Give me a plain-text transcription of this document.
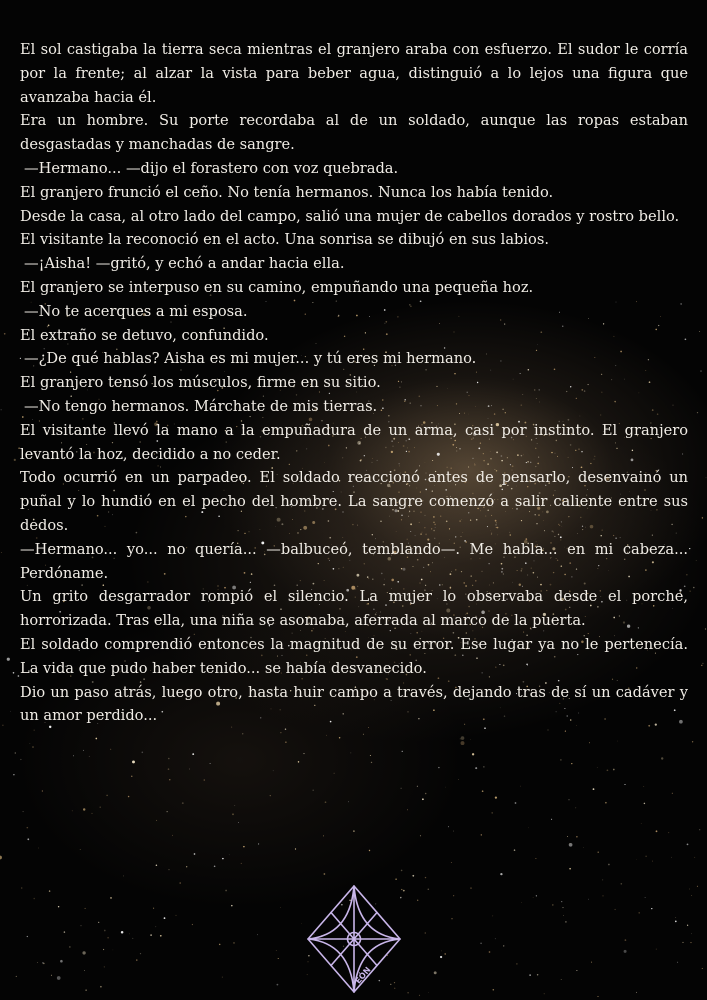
El sol castigaba la tierra seca mientras el granjero araba con esfuerzo. El sudor le corría por la frente; al alzar la vista para beber agua, distinguió a lo lejos una figura que avanzaba hacia él.

Era un hombre. Su porte recordaba al de un soldado, aunque las ropas estaban desgastadas y manchadas de sangre.

—Hermano... —dijo el forastero con voz quebrada.

El granjero frunció el ceño. No tenía hermanos. Nunca los había tenido.

Desde la casa, al otro lado del campo, salió una mujer de cabellos dorados y rostro bello.

El visitante la reconoció en el acto. Una sonrisa se dibujó en sus labios.

—¡Aisha! —gritó, y echó a andar hacia ella.

El granjero se interpuso en su camino, empuñando una pequeña hoz.

—No te acerques a mi esposa.

El extraño se detuvo, confundido.

—¿De qué hablas? Aisha es mi mujer... y tú eres mi hermano.

El granjero tensó los músculos, firme en su sitio.

—No tengo hermanos. Márchate de mis tierras.

El visitante llevó la mano a la empuñadura de un arma, casi por instinto. El granjero levantó la hoz, decidido a no ceder.

Todo ocurrió en un parpadeo. El soldado reaccionó antes de pensarlo, desenvainó un puñal y lo hundió en el pecho del hombre. La sangre comenzó a salir caliente entre sus dedos.

—Hermano... yo... no quería... —balbuceó, temblando—. Me habla... en mi cabeza... Perdóname.

Un grito desgarrador rompió el silencio. La mujer lo observaba desde el porche, horrorizada. Tras ella, una niña se asomaba, aferrada al marco de la puerta.

El soldado comprendió entonces la magnitud de su error. Ese lugar ya no le pertenecía. La vida que pudo haber tenido... se había desvanecido.

Dio un paso atrás, luego otro, hasta huir campo a través, dejando tras de sí un cadáver y un amor perdido...

EÓN
